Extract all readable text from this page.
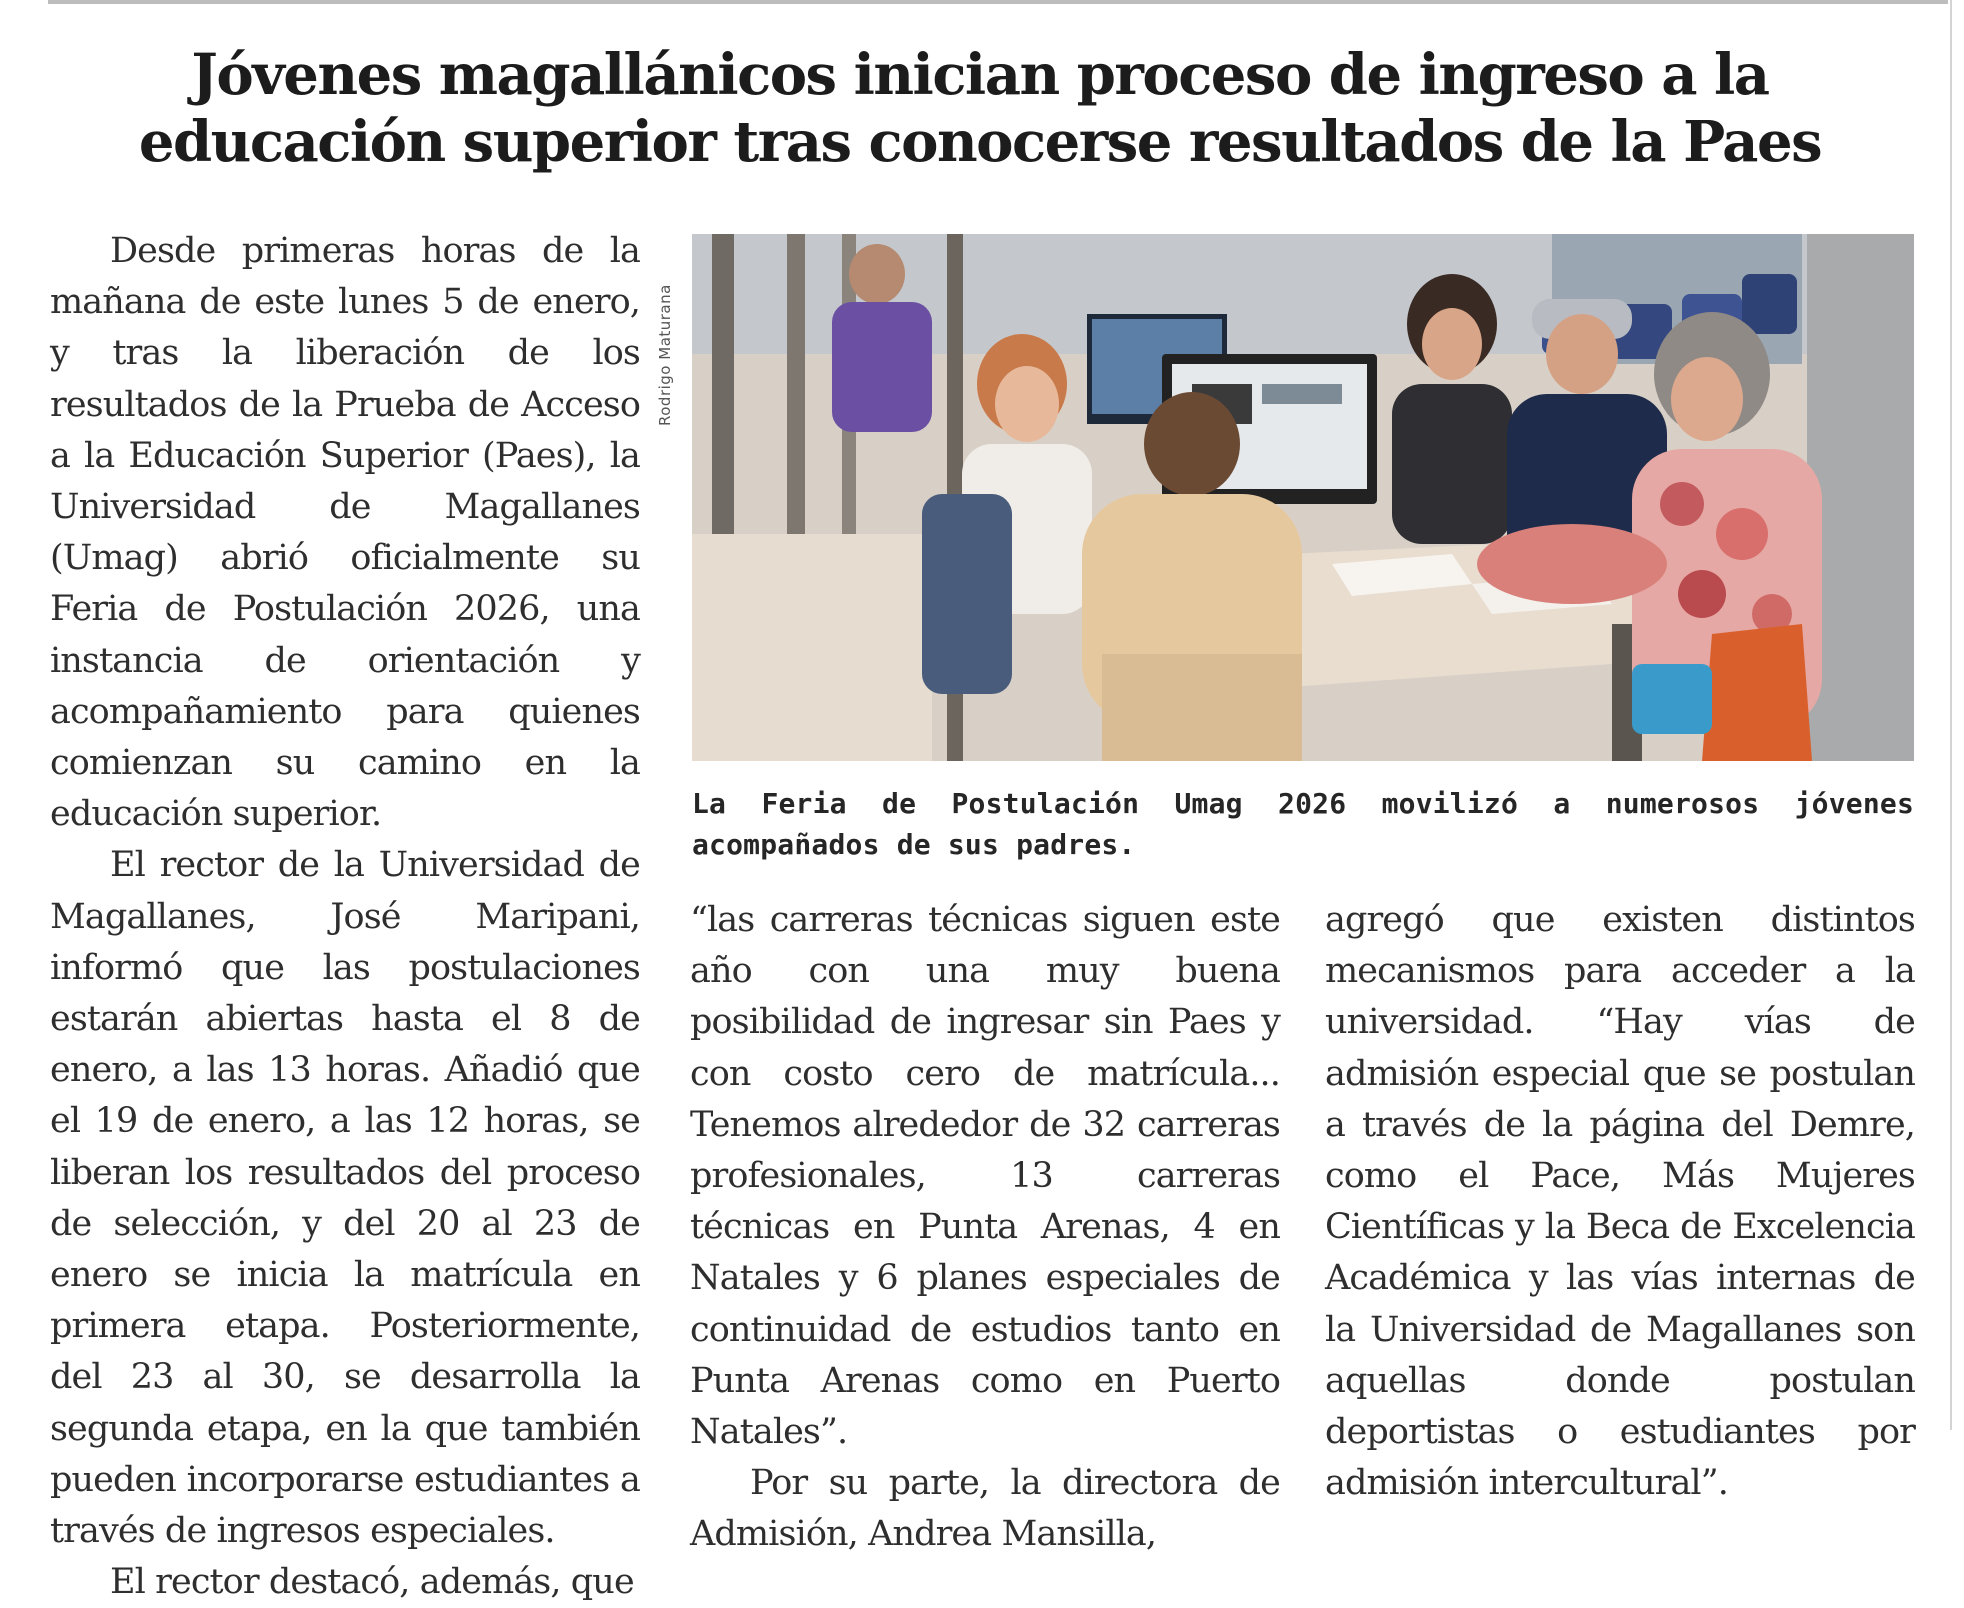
Jóvenes magallánicos inician proceso de ingreso a la
educación superior tras conocerse resultados de la Paes

Desde primeras horas de la mañana de este lunes 5 de enero, y tras la liberación de los resultados de la Prueba de Acceso a la Educación Superior (Paes), la Universidad de Magallanes (Umag) abrió oficialmente su Feria de Postulación 2026, una instancia de orientación y acompañamiento para quienes comienzan su camino en la educación superior.

El rector de la Universidad de Magallanes, José Maripani, informó que las postulaciones estarán abiertas hasta el 8 de enero, a las 13 horas. Añadió que el 19 de enero, a las 12 horas, se liberan los resultados del proceso de selección, y del 20 al 23 de enero se inicia la matrícula en primera etapa. Posteriormente, del 23 al 30, se desarrolla la segunda etapa, en la que también pueden incorporarse estudiantes a través de ingresos especiales.

El rector destacó, además, que

Rodrigo Maturana

La Feria de Postulación Umag 2026 movilizó a numerosos jóvenes acompañados de sus padres.

“las carreras técnicas siguen este año con una muy buena posibilidad de ingresar sin Paes y con costo cero de matrícula... Tenemos alrededor de 32 carreras profesionales, 13 carreras técnicas en Punta Arenas, 4 en Natales y 6 planes especiales de continuidad de estudios tanto en Punta Arenas como en Puerto Natales”.

Por su parte, la directora de Admisión, Andrea Mansilla,

agregó que existen distintos mecanismos para acceder a la universidad. “Hay vías de admisión especial que se postulan a través de la página del Demre, como el Pace, Más Mujeres Científicas y la Beca de Excelencia Académica y las vías internas de la Universidad de Magallanes son aquellas donde postulan deportistas o estudiantes por admisión intercultural”.
